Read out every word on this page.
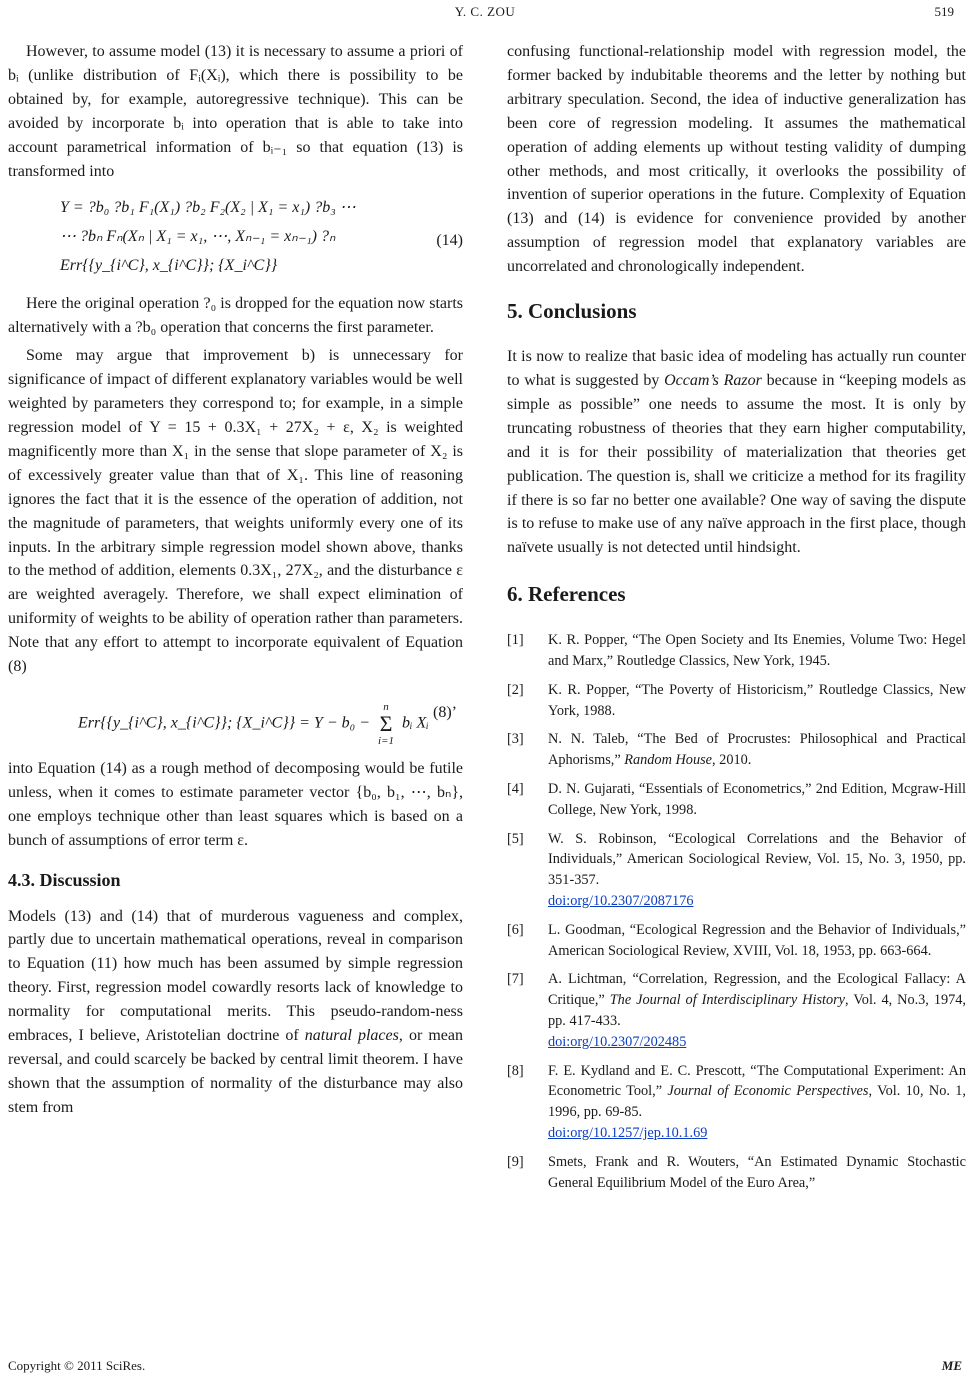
Y. C. ZOU	519

However, to assume model (13) it is necessary to assume a priori of bᵢ (unlike distribution of Fᵢ(Xᵢ), which there is possibility to be obtained by, for example, autoregressive technique). This can be avoided by incorporate bᵢ into operation that is able to take into account parametrical information of bᵢ₋₁ so that equation (13) is transformed into

Y = ?b₀ ?b₁ F₁(X₁) ?b₂ F₂(X₂ | X₁ = x₁) ?b₃ ⋯
⋯ ?bₙ Fₙ(Xₙ | X₁ = x₁, ⋯, Xₙ₋₁ = xₙ₋₁) ?ₙ
Err{{y_{i^C}, x_{i^C}}; {X_i^C}}
(14)

Here the original operation ?₀ is dropped for the equation now starts alternatively with a ?b₀ operation that concerns the first parameter.

Some may argue that improvement b) is unnecessary for significance of impact of different explanatory variables would be well weighted by parameters they correspond to; for example, in a simple regression model of Y = 15 + 0.3X₁ + 27X₂ + ε, X₂ is weighted magnificently more than X₁ in the sense that slope parameter of X₂ is of excessively greater value than that of X₁. This line of reasoning ignores the fact that it is the essence of the operation of addition, not the magnitude of parameters, that weights uniformly every one of its inputs. In the arbitrary simple regression model shown above, thanks to the method of addition, elements 0.3X₁, 27X₂, and the disturbance ε are weighted averagely. Therefore, we shall expect elimination of uniformity of weights to be ability of operation rather than parameters. Note that any effort to attempt to incorporate equivalent of Equation (8)

Err{{y_{i^C}, x_{i^C}}; {X_i^C}} = Y − b₀ − n
Σ
i=1 bᵢ Xᵢ
(8)’

into Equation (14) as a rough method of decomposing would be futile unless, when it comes to estimate parameter vector {b₀, b₁, ⋯, bₙ}, one employs technique other than least squares which is based on a bunch of assumptions of error term ε.

4.3. Discussion

Models (13) and (14) that of murderous vagueness and complex, partly due to uncertain mathematical operations, reveal in comparison to Equation (11) how much has been assumed by simple regression theory. First, regression model cowardly resorts lack of knowledge to normality for computational merits. This pseudo-random-ness embraces, I believe, Aristotelian doctrine of natural places, or mean reversal, and could scarcely be backed by central limit theorem. I have shown that the assumption of normality of the disturbance may also stem from

confusing functional-relationship model with regression model, the former backed by indubitable theorems and the letter by nothing but arbitrary speculation. Second, the idea of inductive generalization has been core of regression modeling. It assumes the mathematical operation of adding elements up without testing validity of dumping other methods, and most critically, it overlooks the possibility of invention of superior operations in the future. Complexity of Equation (13) and (14) is evidence for convenience provided by another assumption of regression model that explanatory variables are uncorrelated and chronologically independent.

5. Conclusions

It is now to realize that basic idea of modeling has actually run counter to what is suggested by Occam’s Razor because in “keeping models as simple as possible” one needs to assume the most. It is only by truncating robustness of theories that they earn higher computability, and it is for their possibility of materialization that theories get publication. The question is, shall we criticize a method for its fragility if there is so far no better one available? One way of saving the dispute is to refuse to make use of any naïve approach in the first place, though naïvete usually is not detected until hindsight.

6. References
[1] K. R. Popper, “The Open Society and Its Enemies, Volume Two: Hegel and Marx,” Routledge Classics, New York, 1945.
[2] K. R. Popper, “The Poverty of Historicism,” Routledge Classics, New York, 1988.
[3] N. N. Taleb, “The Bed of Procrustes: Philosophical and Practical Aphorisms,” Random House, 2010.
[4] D. N. Gujarati, “Essentials of Econometrics,” 2nd Edition, Mcgraw-Hill College, New York, 1998.
[5] W. S. Robinson, “Ecological Correlations and the Behavior of Individuals,” American Sociological Review, Vol. 15, No. 3, 1950, pp. 351-357.
doi:org/10.2307/2087176
[6] L. Goodman, “Ecological Regression and the Behavior of Individuals,” American Sociological Review, XVIII, Vol. 18, 1953, pp. 663-664.
[7] A. Lichtman, “Correlation, Regression, and the Ecological Fallacy: A Critique,” The Journal of Interdisciplinary History, Vol. 4, No.3, 1974, pp. 417-433.
doi:org/10.2307/202485
[8] F. E. Kydland and E. C. Prescott, “The Computational Experiment: An Econometric Tool,” Journal of Economic Perspectives, Vol. 10, No. 1, 1996, pp. 69-85.
doi:org/10.1257/jep.10.1.69
[9] Smets, Frank and R. Wouters, “An Estimated Dynamic Stochastic General Equilibrium Model of the Euro Area,”
Copyright © 2011 SciRes.	ME
